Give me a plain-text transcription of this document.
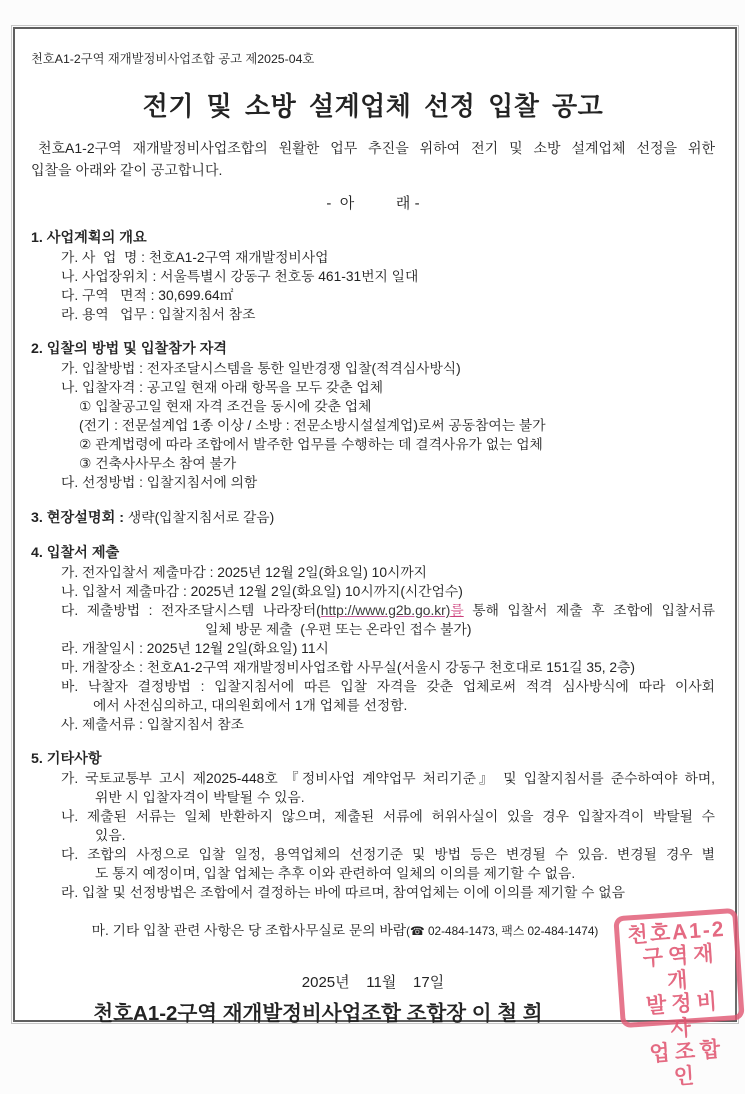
천호A1-2구역 재개발정비사업조합 공고 제2025-04호
전기 및 소방 설계업체 선정 입찰 공고
천호A1-2구역 재개발정비사업조합의 원활한 업무 추진을 위하여 전기 및 소방 설계업체 선정을 위한
입찰을 아래와 같이 공고합니다.
-  아          래 -
1. 사업계획의 개요
가. 사  업  명 : 천호A1-2구역 재개발정비사업
나. 사업장위치 : 서울특별시 강동구 천호동 461-31번지 일대
다. 구역   면적 : 30,699.64㎡
라. 용역   업무 : 입찰지침서 참조
2. 입찰의 방법 및 입찰참가 자격
가. 입찰방법 : 전자조달시스템을 통한 일반경쟁 입찰(적격심사방식)
나. 입찰자격 : 공고일 현재 아래 항목을 모두 갖춘 업체
① 입찰공고일 현재 자격 조건을 동시에 갖춘 업체
(전기 : 전문설계업 1종 이상 / 소방 : 전문소방시설설계업)로써 공동참여는 불가
② 관계법령에 따라 조합에서 발주한 업무를 수행하는 데 결격사유가 없는 업체
③ 건축사사무소 참여 불가
다. 선정방법 : 입찰지침서에 의함
3. 현장설명회 : 생략(입찰지침서로 갈음)
4. 입찰서 제출
가. 전자입찰서 제출마감 : 2025년 12월 2일(화요일) 10시까지
나. 입찰서 제출마감 : 2025년 12월 2일(화요일) 10시까지(시간엄수)
다. 제출방법 : 전자조달시스템 나라장터(http://www.g2b.go.kr)를 통해 입찰서 제출 후 조합에 입찰서류
일체 방문 제출  (우편 또는 온라인 접수 불가)
라. 개찰일시 : 2025년 12월 2일(화요일) 11시
마. 개찰장소 : 천호A1-2구역 재개발정비사업조합 사무실(서울시 강동구 천호대로 151길 35, 2층)
바. 낙찰자 결정방법 : 입찰지침서에 따른 입찰 자격을 갖춘 업체로써 적격 심사방식에 따라 이사회
에서 사전심의하고, 대의원회에서 1개 업체를 선정함.
사. 제출서류 : 입찰지침서 참조
5. 기타사항
가. 국토교통부 고시 제2025-448호 『정비사업 계약업무 처리기준』 및 입찰지침서를 준수하여야 하며,
위반 시 입찰자격이 박탈될 수 있음.
나. 제출된 서류는 일체 반환하지 않으며, 제출된 서류에 허위사실이 있을 경우 입찰자격이 박탈될 수
있음.
다. 조합의 사정으로 입찰 일정, 용역업체의 선정기준 및 방법 등은 변경될 수 있음. 변경될 경우 별
도 통지 예정이며, 입찰 업체는 추후 이와 관련하여 일체의 이의를 제기할 수 없음.
라. 입찰 및 선정방법은 조합에서 결정하는 바에 따르며, 참여업체는 이에 이의를 제기할 수 없음

마. 기타 입찰 관련 사항은 당 조합사무실로 문의 바람(☎ 02-484-1473, 팩스 02-484-1474)

2025년    11월    17일
천호A1-2구역 재개발정비사업조합 조합장 이 철 희
천호A1-2
구역재개
발정비사
업조합인
